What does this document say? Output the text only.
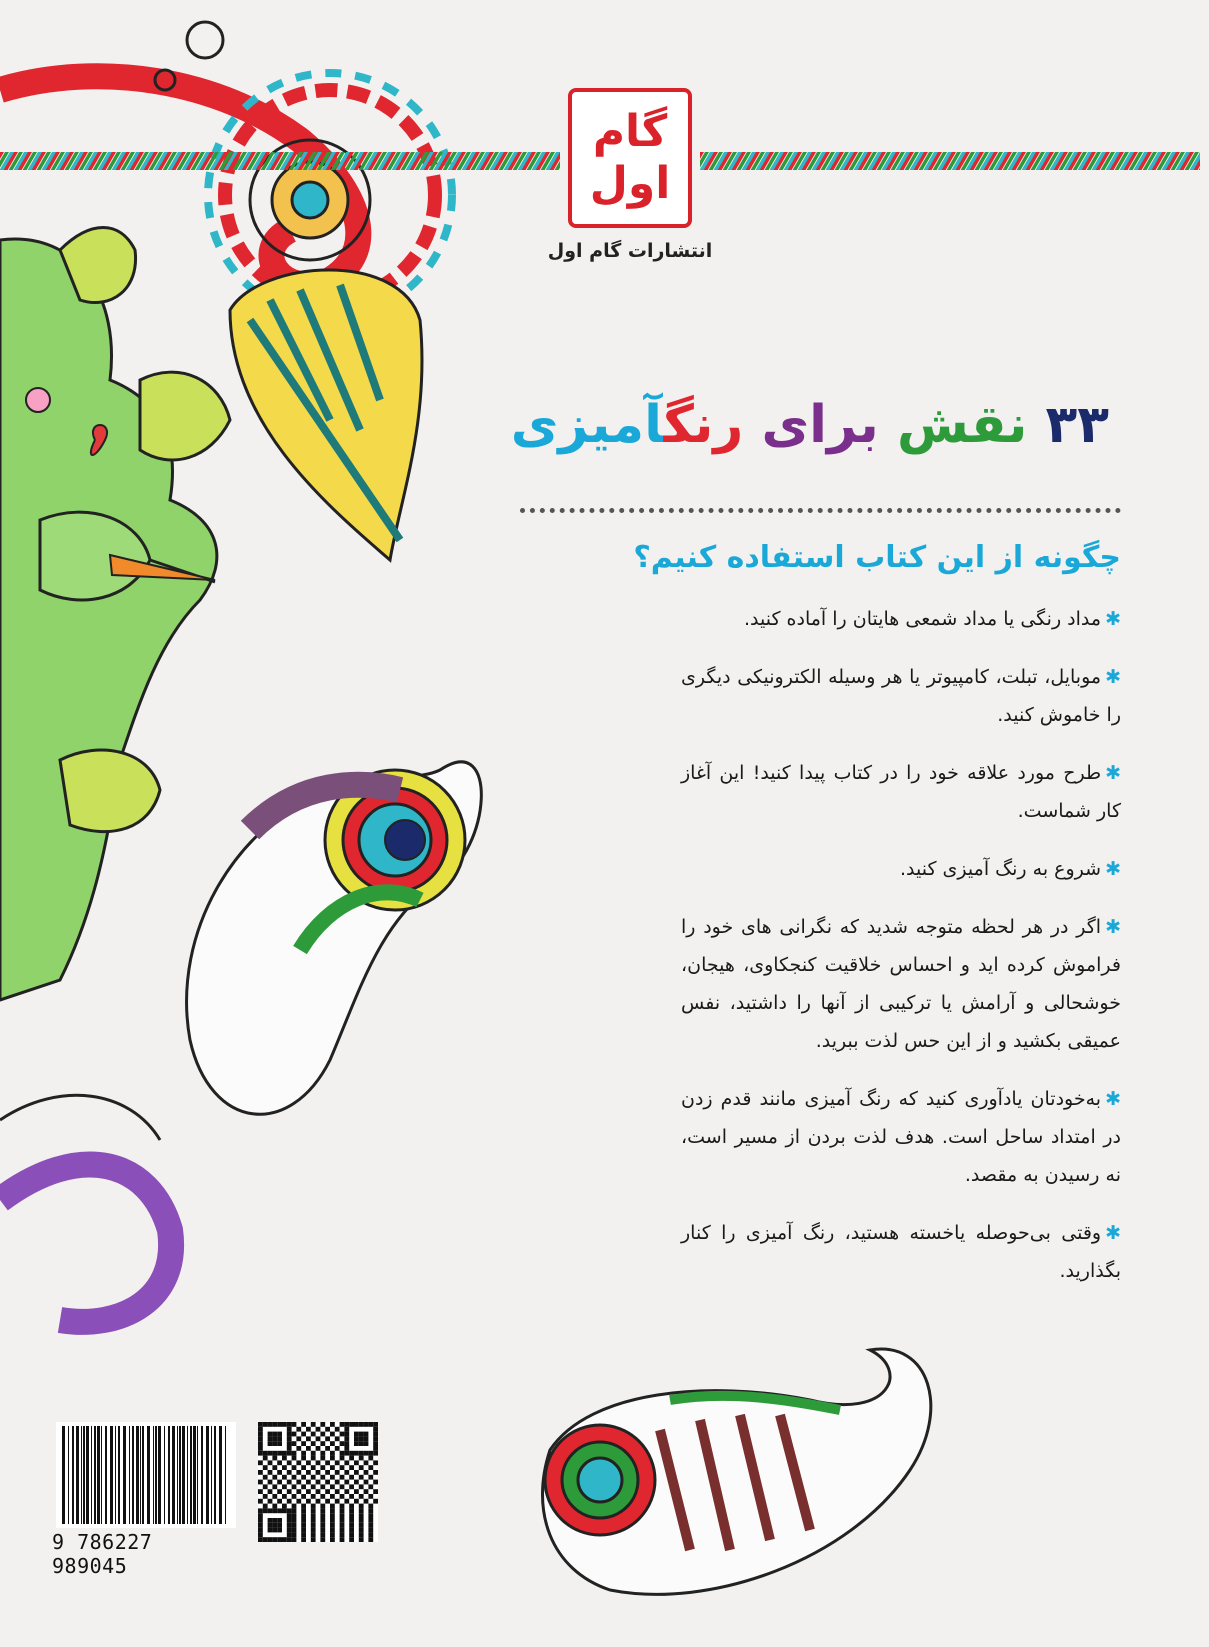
گام
اول
انتشارات گام اول
۳۳ نقش برای رنگآمیزی
چگونه از این کتاب استفاده کنیم؟
✱مداد رنگی یا مداد شمعی هایتان را آماده کنید.
✱موبایل، تبلت، کامپیوتر یا هر وسیله الکترونیکی دیگری را خاموش کنید.
✱طرح مورد علاقه خود را در کتاب پیدا کنید! این آغاز کار شماست.
✱شروع به رنگ آمیزی کنید.
✱اگر در هر لحظه متوجه شدید که نگرانی های خود را فراموش کرده اید و احساس خلاقیت کنجکاوی، هیجان، خوشحالی و آرامش یا ترکیبی از آنها را داشتید، نفس عمیقی بکشید و از این حس لذت ببرید.
✱به‌خودتان یادآوری کنید که رنگ آمیزی مانند قدم زدن در امتداد ساحل است. هدف لذت بردن از مسیر است، نه رسیدن به مقصد.
✱وقتی بی‌حوصله یاخسته هستید، رنگ آمیزی را کنار بگذارید.
9 786227 989045
